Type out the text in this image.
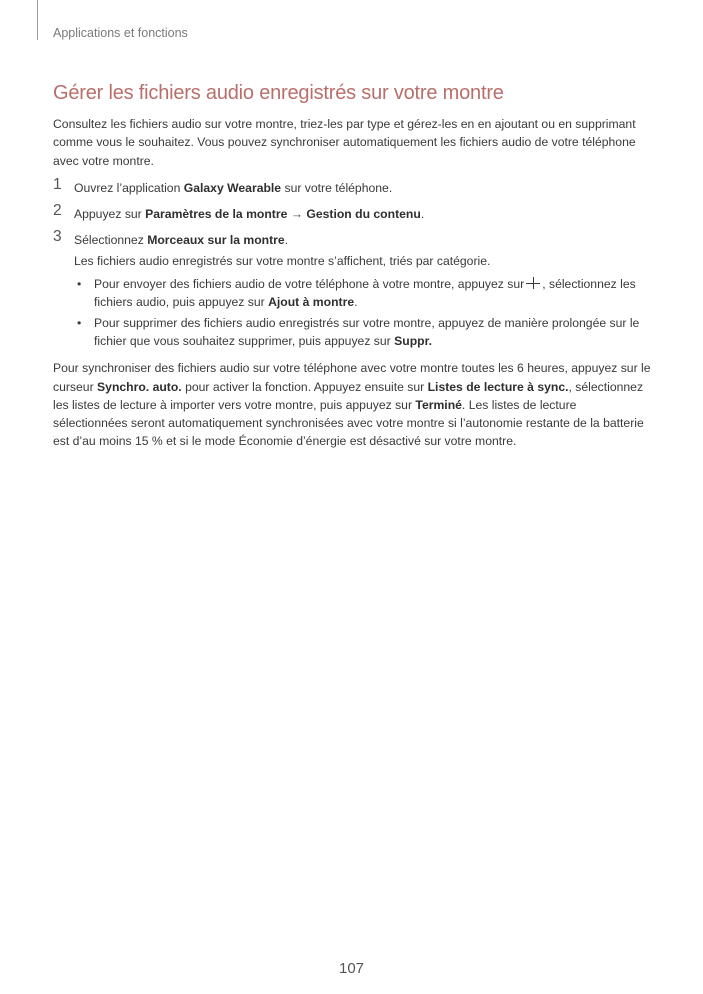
Applications et fonctions
Gérer les fichiers audio enregistrés sur votre montre

Consultez les fichiers audio sur votre montre, triez-les par type et gérez-les en en ajoutant ou en supprimant comme vous le souhaitez. Vous pouvez synchroniser automatiquement les fichiers audio de votre téléphone avec votre montre.

1 Ouvrez l’application Galaxy Wearable sur votre téléphone.
2 Appuyez sur Paramètres de la montre → Gestion du contenu.
3 Sélectionnez Morceaux sur la montre.

Les fichiers audio enregistrés sur votre montre s’affichent, triés par catégorie.

• Pour envoyer des fichiers audio de votre téléphone à votre montre, appuyez sur , sélectionnez les fichiers audio, puis appuyez sur Ajout à montre.
• Pour supprimer des fichiers audio enregistrés sur votre montre, appuyez de manière prolongée sur le fichier que vous souhaitez supprimer, puis appuyez sur Suppr.

Pour synchroniser des fichiers audio sur votre téléphone avec votre montre toutes les 6 heures, appuyez sur le curseur Synchro. auto. pour activer la fonction. Appuyez ensuite sur Listes de lecture à sync., sélectionnez les listes de lecture à importer vers votre montre, puis appuyez sur Terminé. Les listes de lecture sélectionnées seront automatiquement synchronisées avec votre montre si l’autonomie restante de la batterie est d’au moins 15 % et si le mode Économie d’énergie est désactivé sur votre montre.

107
